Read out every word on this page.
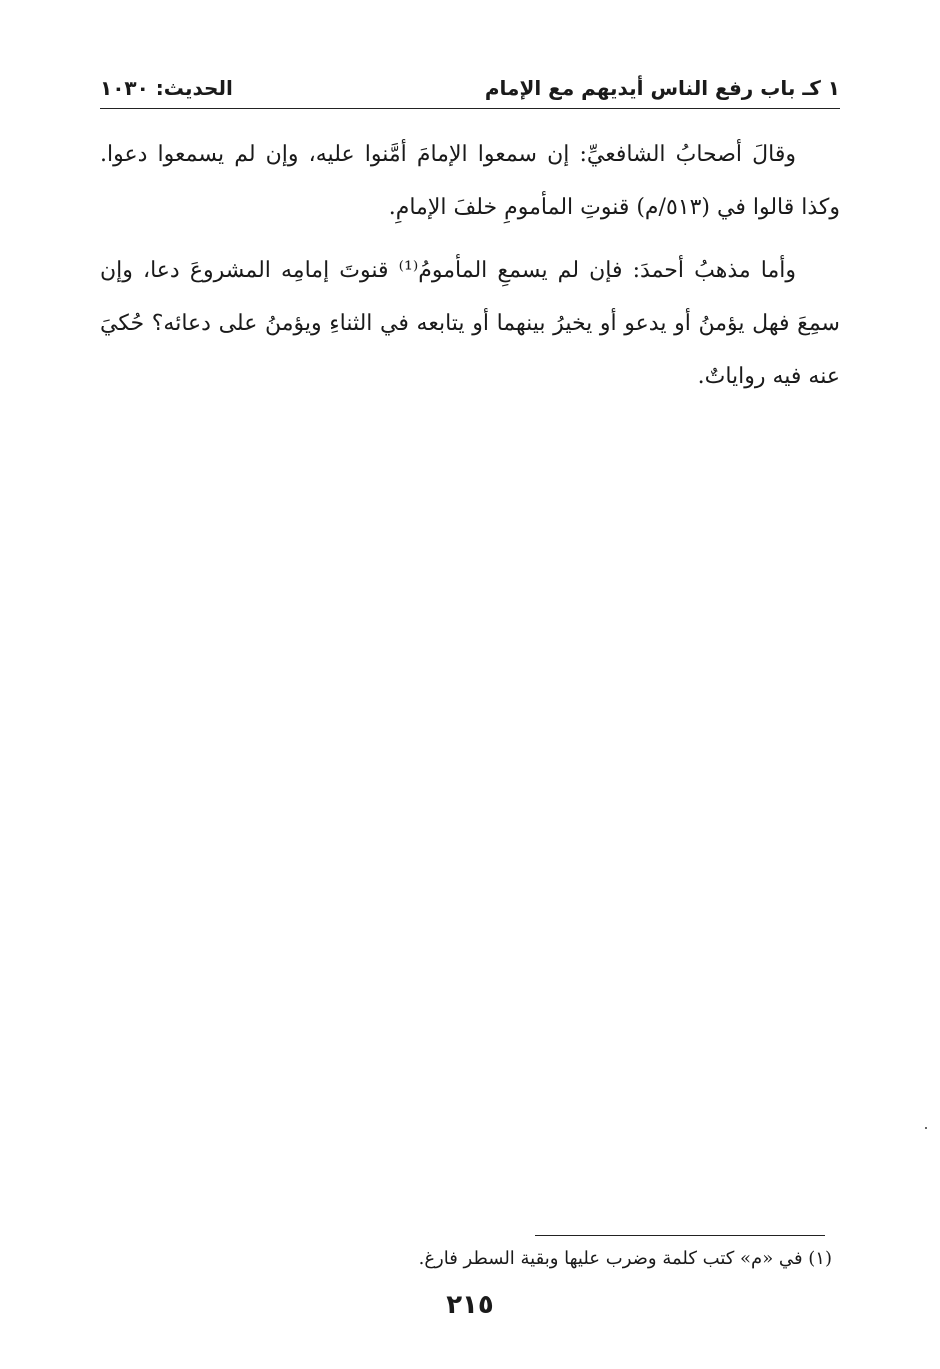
١ كـ باب رفع الناس أيديهم مع الإمام
الحديث: ١٠٣٠

وقالَ أصحابُ الشافعيِّ: إن سمعوا الإمامَ أمَّنوا عليه، وإن لم يسمعوا دعوا. وكذا قالوا في (٥١٣/م) قنوتِ المأمومِ خلفَ الإمامِ.

وأما مذهبُ أحمدَ: فإن لم يسمعِ المأمومُ⁽¹⁾ قنوتَ إمامِه المشروعَ دعا، وإن سمِعَ فهل يؤمنُ أو يدعو أو يخيرُ بينهما أو يتابعه في الثناءِ ويؤمنُ على دعائه؟ حُكيَ عنه فيه رواياتٌ.

(١) في «م» كتب كلمة وضرب عليها وبقية السطر فارغ.
٢١٥
